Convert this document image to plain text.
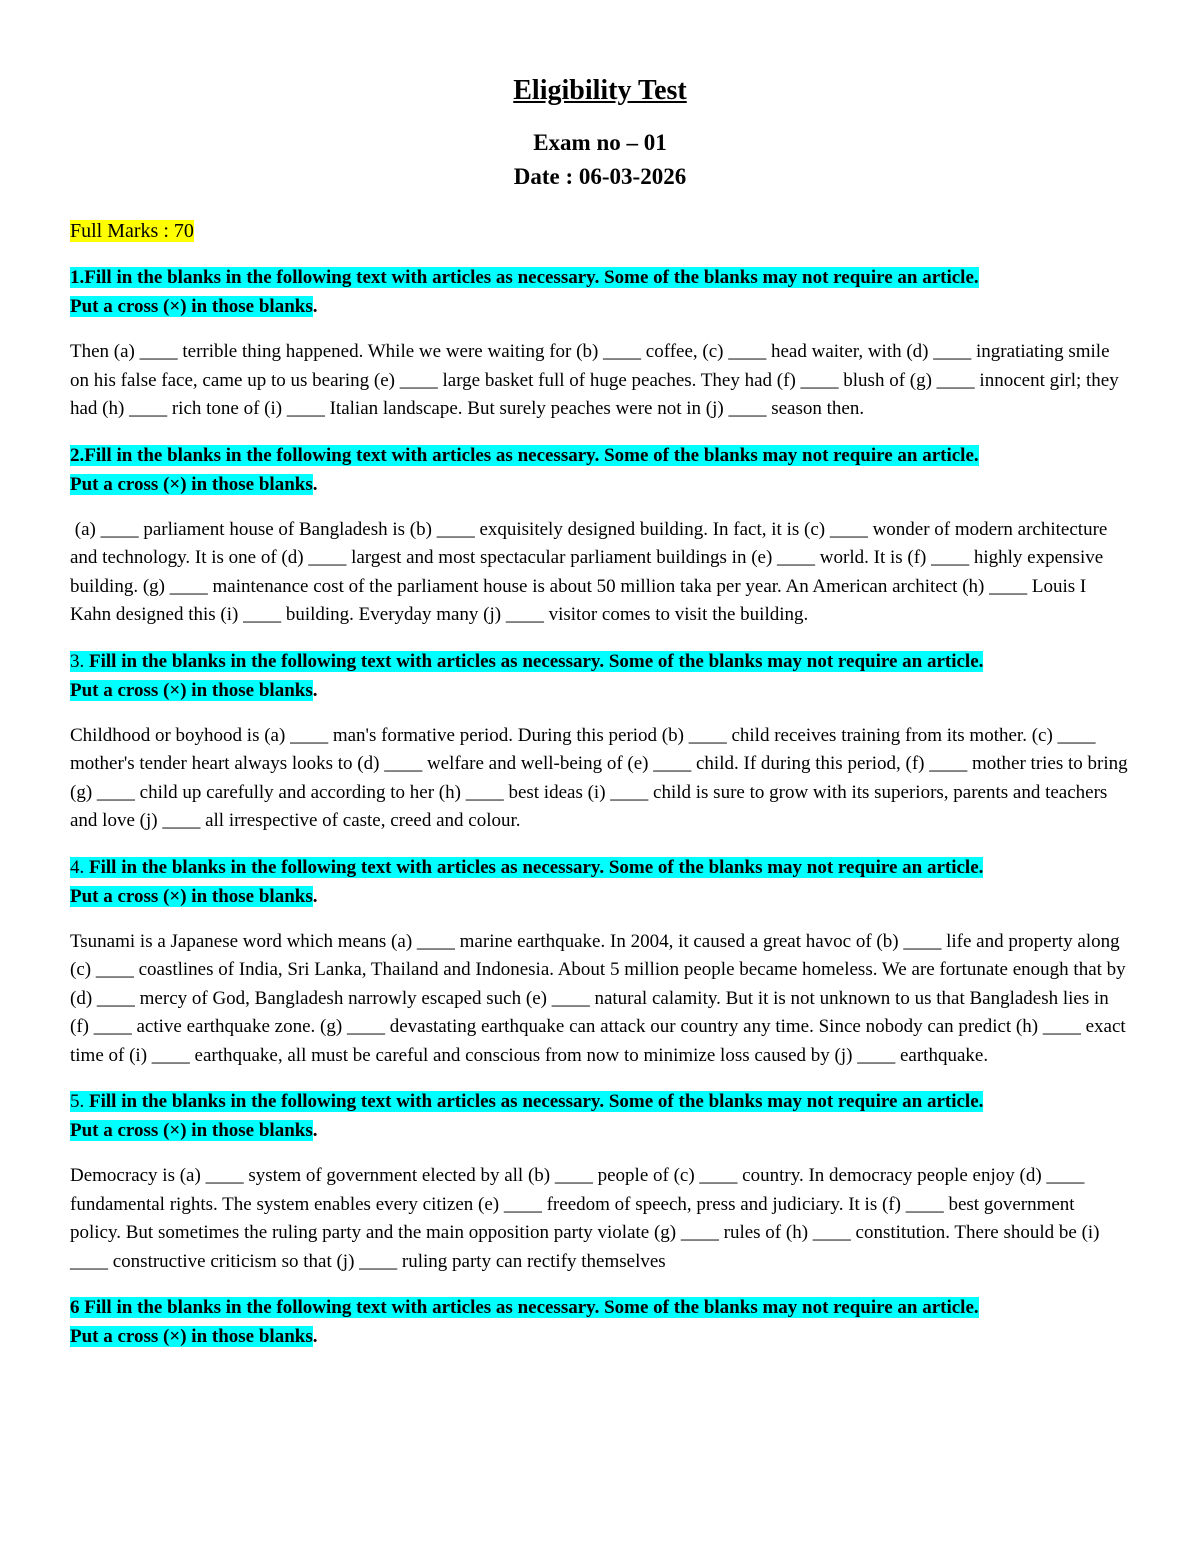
Eligibility Test
Exam no – 01
Date : 06-03-2026
Full Marks : 70

1.Fill in the blanks in the following text with articles as necessary. Some of the blanks may not require an article.
Put a cross (×) in those blanks.

Then (a) ____ terrible thing happened. While we were waiting for (b) ____ coffee, (c) ____ head waiter, with (d) ____ ingratiating smile on his false face, came up to us bearing (e) ____ large basket full of huge peaches. They had (f) ____ blush of (g) ____ innocent girl; they had (h) ____ rich tone of (i) ____ Italian landscape. But surely peaches were not in (j) ____ season then.

2.Fill in the blanks in the following text with articles as necessary. Some of the blanks may not require an article.
Put a cross (×) in those blanks.

(a) ____ parliament house of Bangladesh is (b) ____ exquisitely designed building. In fact, it is (c) ____ wonder of modern architecture and technology. It is one of (d) ____ largest and most spectacular parliament buildings in (e) ____ world. It is (f) ____ highly expensive building. (g) ____ maintenance cost of the parliament house is about 50 million taka per year. An American architect (h) ____ Louis I Kahn designed this (i) ____ building. Everyday many (j) ____ visitor comes to visit the building.

3. Fill in the blanks in the following text with articles as necessary. Some of the blanks may not require an article.
Put a cross (×) in those blanks.

Childhood or boyhood is (a) ____ man's formative period. During this period (b) ____ child receives training from its mother. (c) ____ mother's tender heart always looks to (d) ____ welfare and well-being of (e) ____ child. If during this period, (f) ____ mother tries to bring (g) ____ child up carefully and according to her (h) ____ best ideas (i) ____ child is sure to grow with its superiors, parents and teachers and love (j) ____ all irrespective of caste, creed and colour.

4. Fill in the blanks in the following text with articles as necessary. Some of the blanks may not require an article.
Put a cross (×) in those blanks.

Tsunami is a Japanese word which means (a) ____ marine earthquake. In 2004, it caused a great havoc of (b) ____ life and property along (c) ____ coastlines of India, Sri Lanka, Thailand and Indonesia. About 5 million people became homeless. We are fortunate enough that by (d) ____ mercy of God, Bangladesh narrowly escaped such (e) ____ natural calamity. But it is not unknown to us that Bangladesh lies in (f) ____ active earthquake zone. (g) ____ devastating earthquake can attack our country any time. Since nobody can predict (h) ____ exact time of (i) ____ earthquake, all must be careful and conscious from now to minimize loss caused by (j) ____ earthquake.

5. Fill in the blanks in the following text with articles as necessary. Some of the blanks may not require an article.
Put a cross (×) in those blanks.

Democracy is (a) ____ system of government elected by all (b) ____ people of (c) ____ country. In democracy people enjoy (d) ____ fundamental rights. The system enables every citizen (e) ____ freedom of speech, press and judiciary. It is (f) ____ best government policy. But sometimes the ruling party and the main opposition party violate (g) ____ rules of (h) ____ constitution. There should be (i) ____ constructive criticism so that (j) ____ ruling party can rectify themselves

6 Fill in the blanks in the following text with articles as necessary. Some of the blanks may not require an article.
Put a cross (×) in those blanks.
